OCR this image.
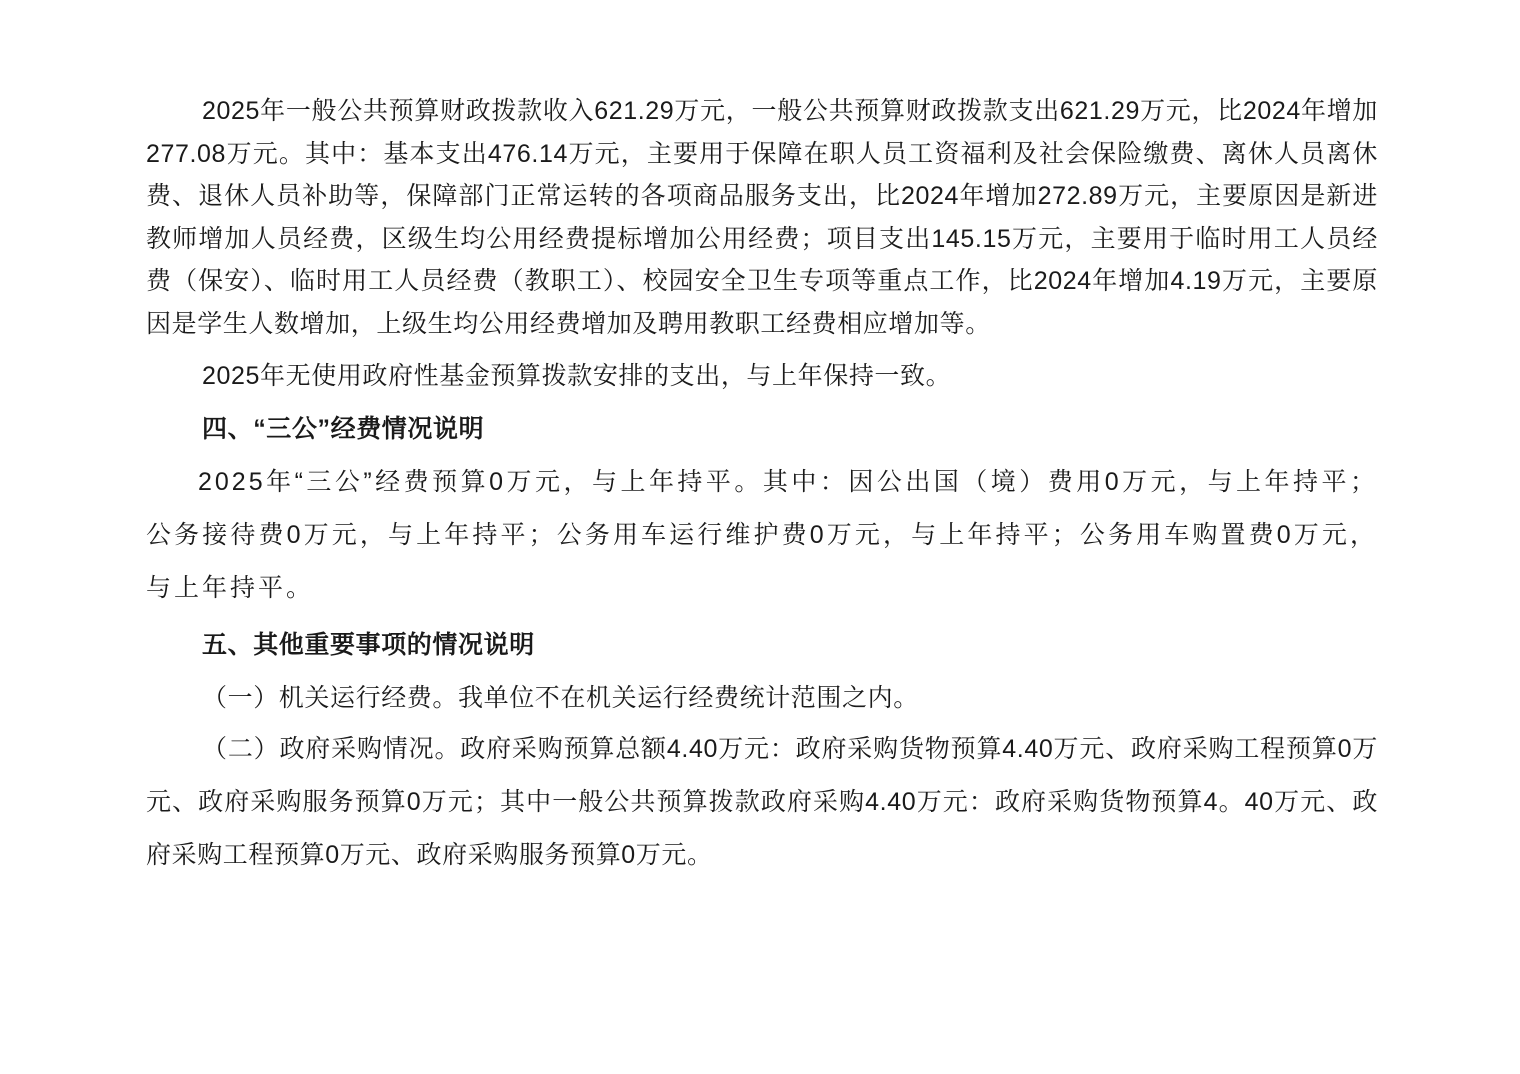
2025年一般公共预算财政拨款收入621.29万元，一般公共预算财政拨款支出621.29万元，比2024年增加277.08万元。其中：基本支出476.14万元，主要用于保障在职人员工资福利及社会保险缴费、离休人员离休费、退休人员补助等，保障部门正常运转的各项商品服务支出，比2024年增加272.89万元，主要原因是新进教师增加人员经费，区级生均公用经费提标增加公用经费；项目支出145.15万元，主要用于临时用工人员经费（保安）、临时用工人员经费（教职工）、校园安全卫生专项等重点工作，比2024年增加4.19万元，主要原因是学生人数增加，上级生均公用经费增加及聘用教职工经费相应增加等。

2025年无使用政府性基金预算拨款安排的支出，与上年保持一致。

四、“三公”经费情况说明

2025年“三公”经费预算0万元，与上年持平。其中：因公出国（境）费用0万元，与上年持平；公务接待费0万元，与上年持平；公务用车运行维护费0万元，与上年持平；公务用车购置费0万元，与上年持平。

五、其他重要事项的情况说明

（一）机关运行经费。我单位不在机关运行经费统计范围之内。

（二）政府采购情况。政府采购预算总额4.40万元：政府采购货物预算4.40万元、政府采购工程预算0万元、政府采购服务预算0万元；其中一般公共预算拨款政府采购4.40万元：政府采购货物预算4。40万元、政府采购工程预算0万元、政府采购服务预算0万元。
